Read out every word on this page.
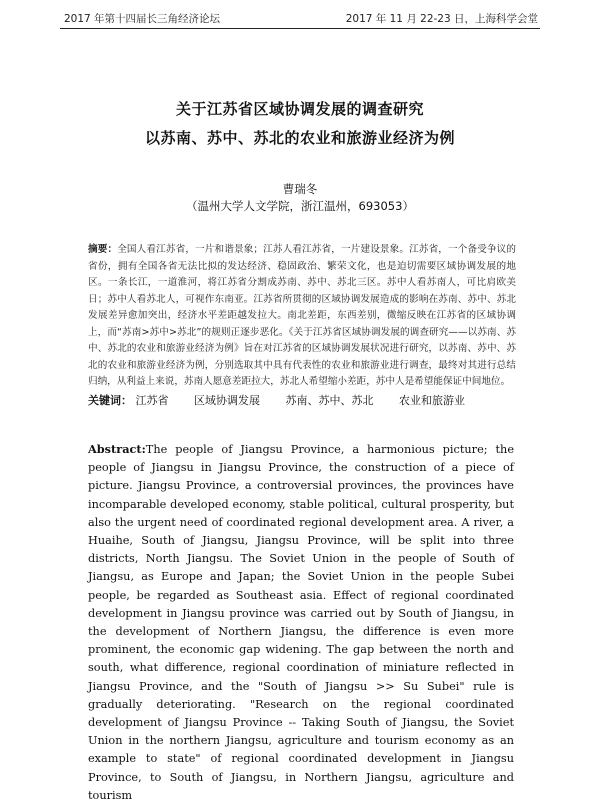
2017 年第十四届长三角经济论坛	2017 年 11 月 22-23 日，上海科学会堂
关于江苏省区域协调发展的调查研究
以苏南、苏中、苏北的农业和旅游业经济为例
曹瑞冬
（温州大学人文学院，浙江温州，693053）
摘要：全国人看江苏省，一片和谐景象；江苏人看江苏省，一片建设景象。江苏省，一个备受争议的省份，拥有全国各省无法比拟的发达经济、稳固政治、繁荣文化，也是迫切需要区域协调发展的地区。一条长江，一道淮河，将江苏省分割成苏南、苏中、苏北三区。苏中人看苏南人，可比肩欧美日；苏中人看苏北人，可视作东南亚。江苏省所贯彻的区域协调发展造成的影响在苏南、苏中、苏北发展差异愈加突出，经济水平差距越发拉大。南北差距，东西差别，微缩反映在江苏省的区域协调上，而“苏南>苏中>苏北”的规则正逐步恶化。《关于江苏省区域协调发展的调查研究——以苏南、苏中、苏北的农业和旅游业经济为例》旨在对江苏省的区域协调发展状况进行研究，以苏南、苏中、苏北的农业和旅游业经济为例，分别选取其中具有代表性的农业和旅游业进行调查，最终对其进行总结归纳，从利益上来说，苏南人愿意差距拉大，苏北人希望缩小差距，苏中人是希望能保证中间地位。
关键词： 江苏省 区域协调发展 苏南、苏中、苏北 农业和旅游业
Abstract:The people of Jiangsu Province, a harmonious picture; the people of Jiangsu in Jiangsu Province, the construction of a piece of picture. Jiangsu Province, a controversial provinces, the provinces have incomparable developed economy, stable political, cultural prosperity, but also the urgent need of coordinated regional development area. A river, a Huaihe, South of Jiangsu, Jiangsu Province, will be split into three districts, North Jiangsu. The Soviet Union in the people of South of Jiangsu, as Europe and Japan; the Soviet Union in the people Subei people, be regarded as Southeast asia. Effect of regional coordinated development in Jiangsu province was carried out by South of Jiangsu, in the development of Northern Jiangsu, the difference is even more prominent, the economic gap widening. The gap between the north and south, what difference, regional coordination of miniature reflected in Jiangsu Province, and the "South of Jiangsu >> Su Subei" rule is gradually deteriorating. "Research on the regional coordinated development of Jiangsu Province -- Taking South of Jiangsu, the Soviet Union in the northern Jiangsu, agriculture and tourism economy as an example to state" of regional coordinated development in Jiangsu Province, to South of Jiangsu, in Northern Jiangsu, agriculture and tourism
